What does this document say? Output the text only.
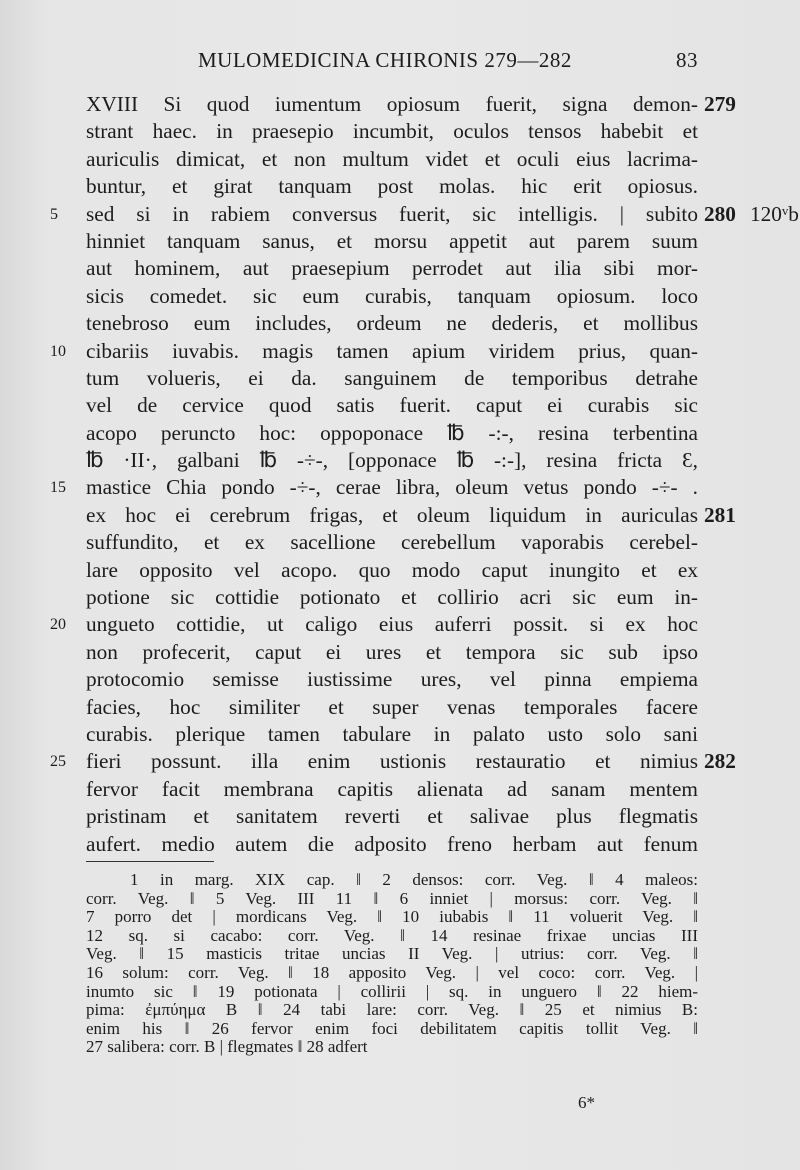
MULOMEDICINA CHIRONIS 279—282	83
XVIII Si quod iumentum opiosum fuerit, signa demon- 279
strant haec. in praesepio incumbit, oculos tensos habebit et
auriculis dimicat, et non multum videt et oculi eius lacrima-
buntur, et girat tanquam post molas. hic erit opiosus.
5	sed si in rabiem conversus fuerit, sic intelligis. | subito 280 120ᵛb
hinniet tanquam sanus, et morsu appetit aut parem suum
aut hominem, aut praesepium perrodet aut ilia sibi mor-
sicis comedet. sic eum curabis, tanquam opiosum. loco
tenebroso eum includes, ordeum ne dederis, et mollibus
10 cibariis iuvabis. magis tamen apium viridem prius, quan-
tum volueris, ei da. sanguinem de temporibus detrahe
vel de cervice quod satis fuerit. caput ei curabis sic
acopo peruncto hoc: oppoponace ℔ -:-, resina terbentina
℔ ·II·, galbani ℔ -÷-, [opponace ℔ -:-], resina fricta Ɛ,
15 mastice Chia pondo -÷-, cerae libra, oleum vetus pondo -÷- .
ex hoc ei cerebrum frigas, et oleum liquidum in auriculas 281
suffundito, et ex sacellione cerebellum vaporabis cerebel-
lare opposito vel acopo. quo modo caput inungito et ex
potione sic cottidie potionato et collirio acri sic eum in-
20 ungueto cottidie, ut caligo eius auferri possit. si ex hoc
non profecerit, caput ei ures et tempora sic sub ipso
protocomio semisse iustissime ures, vel pinna empiema
facies, hoc similiter et super venas temporales facere
curabis. plerique tamen tabulare in palato usto solo sani
25 fieri possunt. illa enim ustionis restauratio et nimius 282
fervor facit membrana capitis alienata ad sanam mentem
pristinam et sanitatem reverti et salivae plus flegmatis
aufert. medio autem die adposito freno herbam aut fenum
1 in marg. XIX cap. ‖ 2 densos: corr. Veg. ‖ 4 maleos:
corr. Veg. ‖ 5 Veg. III 11 ‖ 6 inniet | morsus: corr. Veg. ‖
7 porro det | mordicans Veg. ‖ 10 iubabis ‖ 11 voluerit Veg. ‖
12 sq. si cacabo: corr. Veg. ‖ 14 resinae frixae uncias III
Veg. ‖ 15 masticis tritae uncias II Veg. | utrius: corr. Veg. ‖
16 solum: corr. Veg. ‖ 18 apposito Veg. | vel coco: corr. Veg. |
inumto sic ‖ 19 potionata | collirii | sq. in unguero ‖ 22 hiem-
pima: ἐμπύημα B ‖ 24 tabi lare: corr. Veg. ‖ 25 et nimius B:
enim his ‖ 26 fervor enim foci debilitatem capitis tollit Veg. ‖
27 salibera: corr. B | flegmates ‖ 28 adfert
6*
